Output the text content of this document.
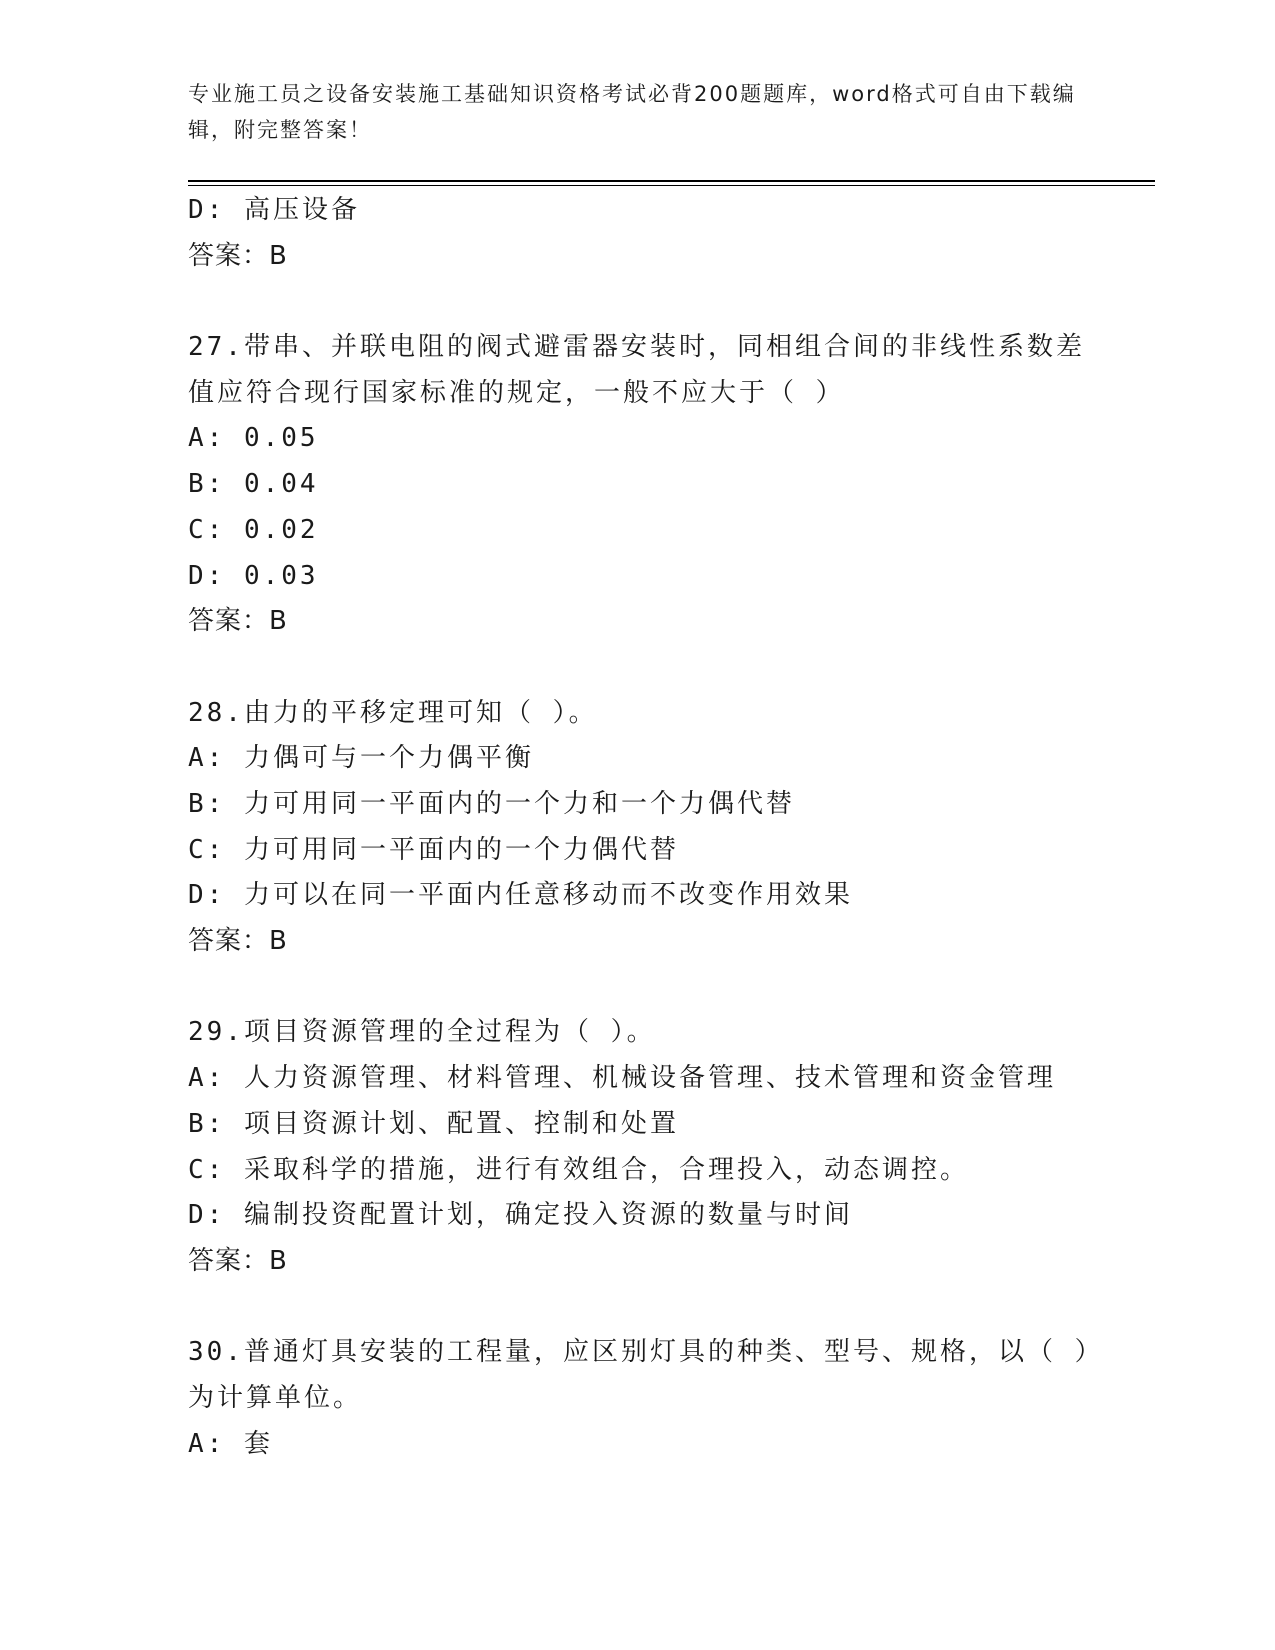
专业施工员之设备安装施工基础知识资格考试必背200题题库，word格式可自由下载编辑，附完整答案！
D: 高压设备
答案：B
27.带串、并联电阻的阀式避雷器安装时，同相组合间的非线性系数差值应符合现行国家标准的规定，一般不应大于（ ）
A: 0.05
B: 0.04
C: 0.02
D: 0.03
答案：B
28.由力的平移定理可知（ ）。
A: 力偶可与一个力偶平衡
B: 力可用同一平面内的一个力和一个力偶代替
C: 力可用同一平面内的一个力偶代替
D: 力可以在同一平面内任意移动而不改变作用效果
答案：B
29.项目资源管理的全过程为（ ）。
A: 人力资源管理、材料管理、机械设备管理、技术管理和资金管理
B: 项目资源计划、配置、控制和处置
C: 采取科学的措施，进行有效组合，合理投入，动态调控。
D: 编制投资配置计划，确定投入资源的数量与时间
答案：B
30.普通灯具安装的工程量，应区别灯具的种类、型号、规格，以（ ）为计算单位。
A: 套
